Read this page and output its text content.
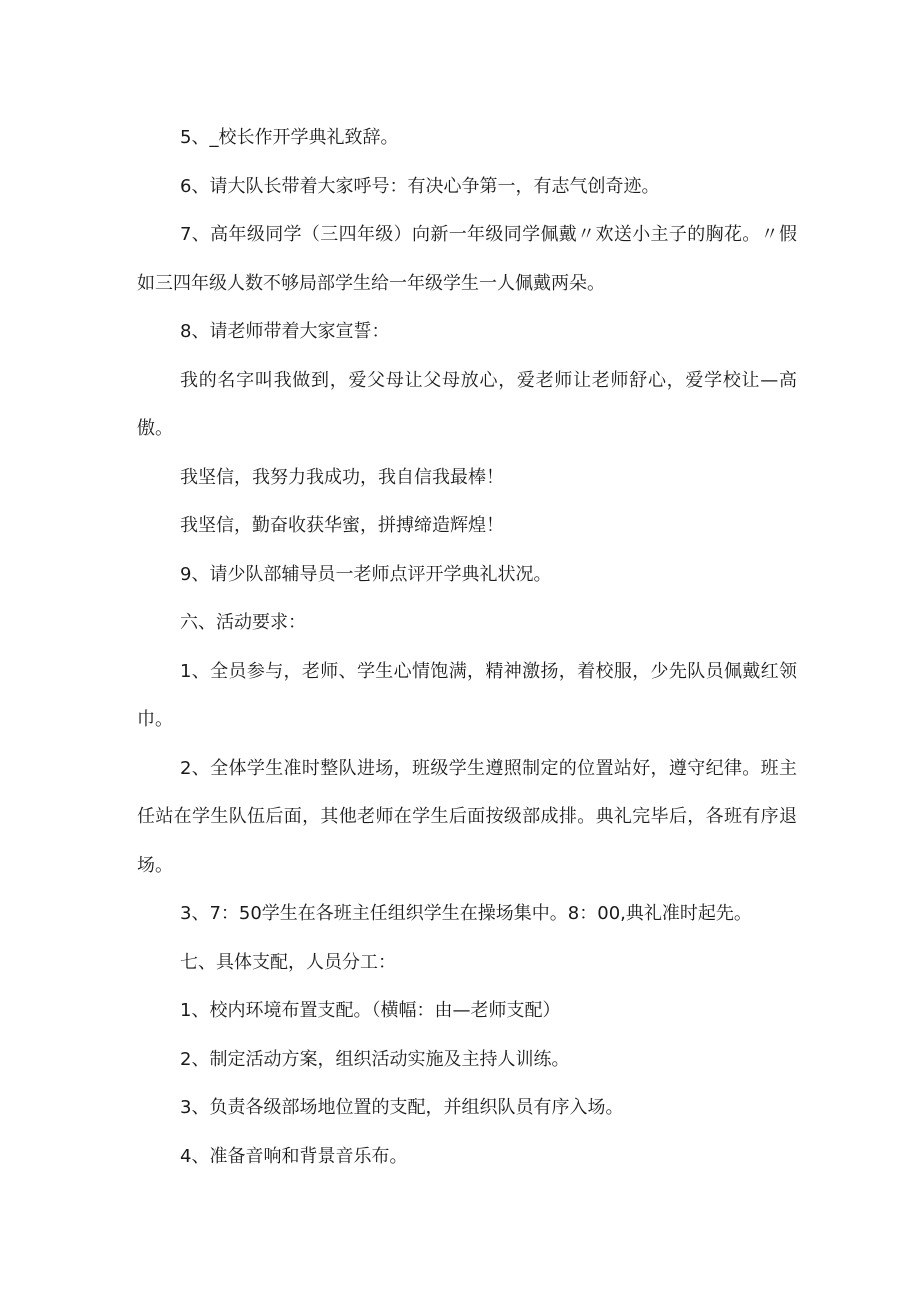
5、_校长作开学典礼致辞。

6、请大队长带着大家呼号：有决心争第一，有志气创奇迹。

7、高年级同学（三四年级）向新一年级同学佩戴〃欢送小主子的胸花。〃假如三四年级人数不够局部学生给一年级学生一人佩戴两朵。

8、请老师带着大家宣誓：

我的名字叫我做到，爱父母让父母放心，爱老师让老师舒心，爱学校让—高傲。

我坚信，我努力我成功，我自信我最棒！

我坚信，勤奋收获华蜜，拼搏缔造辉煌！

9、请少队部辅导员一老师点评开学典礼状况。

六、活动要求：

1、全员参与，老师、学生心情饱满，精神激扬，着校服，少先队员佩戴红领巾。

2、全体学生准时整队进场，班级学生遵照制定的位置站好，遵守纪律。班主任站在学生队伍后面，其他老师在学生后面按级部成排。典礼完毕后，各班有序退场。

3、7：50学生在各班主任组织学生在操场集中。8：00,典礼准时起先。

七、具体支配，人员分工：

1、校内环境布置支配。（横幅：由—老师支配）

2、制定活动方案，组织活动实施及主持人训练。

3、负责各级部场地位置的支配，并组织队员有序入场。

4、准备音响和背景音乐布。
